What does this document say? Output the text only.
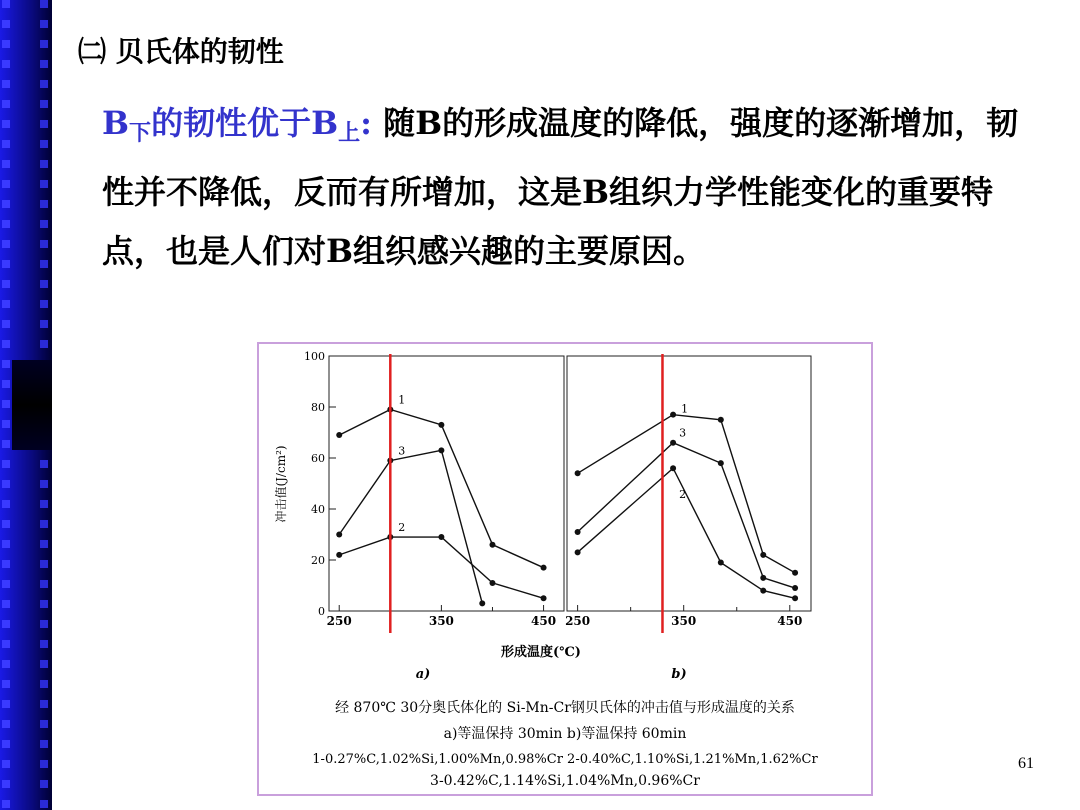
㈡ 贝氏体的韧性
$B_下$的韧性优于$B_上$: 随B的形成温度的降低，强度的逐渐增加，韧性并不降低，反而有所增加，这是B组织力学性能变化的重要特点，也是人们对B组织感兴趣的主要原因。
0
20
40
60
80
100
250	350	450 250	350	450
1
2
3
1
2
3
冲击值(J/cm²)
形成温度(℃)
a)	b)
经 870℃ 30分奥氏体化的 Si-Mn-Cr钢贝氏体的冲击值与形成温度的关系
a)等温保持 30min b)等温保持 60min
1-0.27%C,1.02%Si,1.00%Mn,0.98%Cr 2-0.40%C,1.10%Si,1.21%Mn,1.62%Cr
3-0.42%C,1.14%Si,1.04%Mn,0.96%Cr
61
